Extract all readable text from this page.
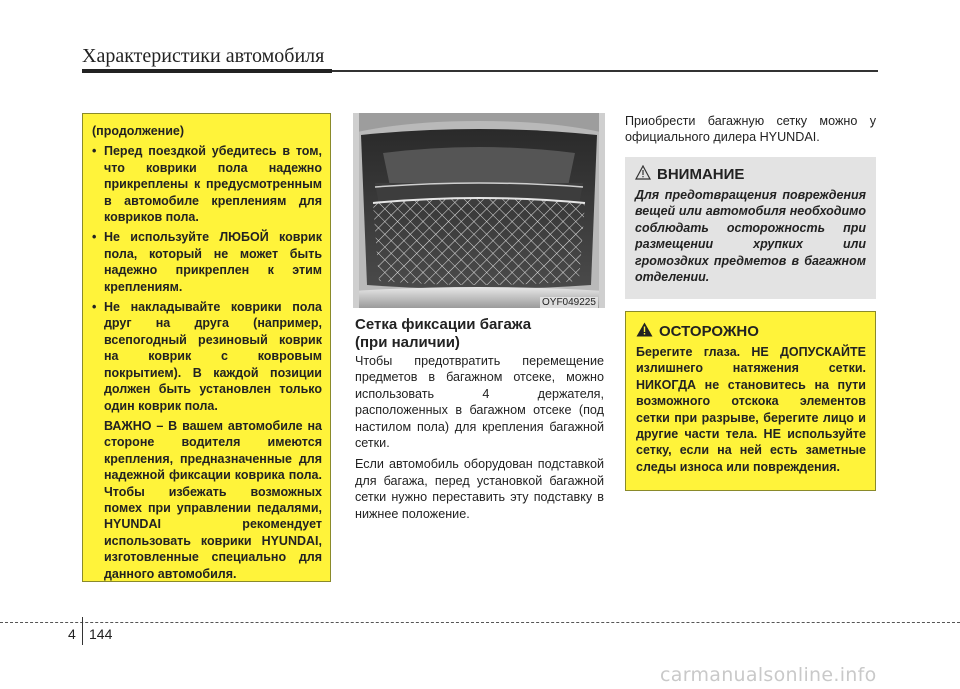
Характеристики автомобиля

(продолжение)

• Перед поездкой убедитесь в том, что коврики пола надежно прикреплены к предусмотренным в автомобиле креплениям для ковриков пола.
• Не используйте ЛЮБОЙ коврик пола, который не может быть надежно прикреплен к этим креплениям.
• Не накладывайте коврики пола друг на друга (например, всепогодный резиновый коврик на коврик с ковровым покрытием). В каждой позиции должен быть установлен только один коврик пола.

ВАЖНО – В вашем автомобиле на стороне водителя имеются крепления, предназначенные для надежной фиксации коврика пола. Чтобы избежать возможных помех при управлении педалями, HYUNDAI рекомендует использовать коврики HYUNDAI, изготовленные специально для данного автомобиля.

OYF049225
Сетка фиксации багажа
(при наличии)

Чтобы предотвратить перемещение предметов в багажном отсеке, можно использовать 4 держателя, расположенных в багажном отсеке (под настилом пола) для крепления багажной сетки.

Если автомобиль оборудован подставкой для багажа, перед установкой багажной сетки нужно переставить эту подставку в нижнее положение.

Приобрести багажную сетку можно у официального дилера HYUNDAI.
ВНИМАНИЕ
Для предотвращения повреждения вещей или автомобиля необходимо соблюдать осторожность при размещении хрупких или громоздких предметов в багажном отделении.
ОСТОРОЖНО
Берегите глаза. НЕ ДОПУСКАЙТЕ излишнего натяжения сетки. НИКОГДА не становитесь на пути возможного отскока элементов сетки при разрыве, берегите лицо и другие части тела. НЕ используйте сетку, если на ней есть заметные следы износа или повреждения.
4 144
carmanualsonline.info
